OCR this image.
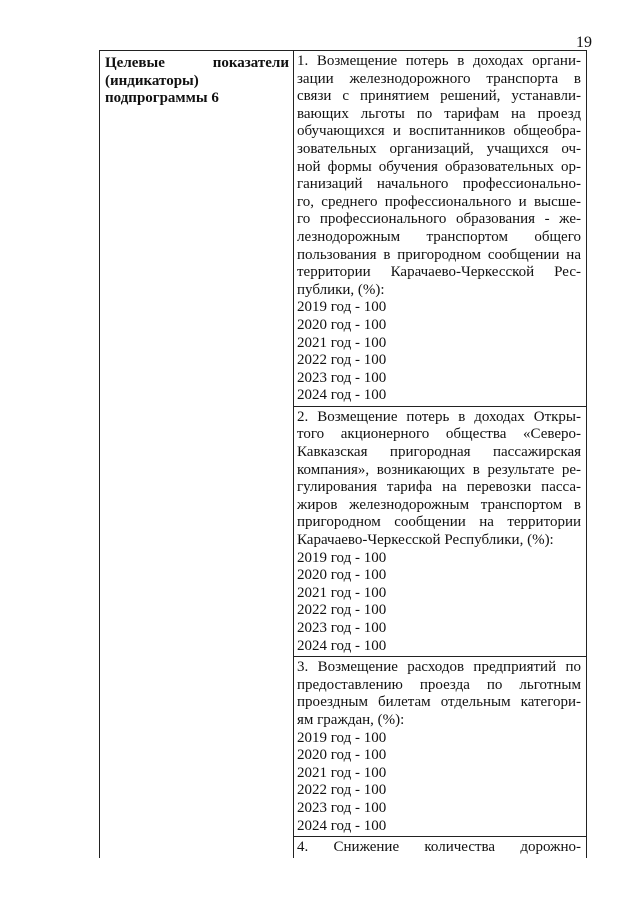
19
Целевые показатели (индикаторы) подпрограммы 6
1. Возмещение потерь в доходах органи-
зации железнодорожного транспорта в
связи с принятием решений, устанавли-
вающих льготы по тарифам на проезд
обучающихся и воспитанников общеобра-
зовательных организаций, учащихся оч-
ной формы обучения образовательных ор-
ганизаций начального профессионально-
го, среднего профессионального и высше-
го профессионального образования - же-
лезнодорожным транспортом общего
пользования в пригородном сообщении на
территории Карачаево-Черкесской Рес-
публики, (%):
2019 год - 100
2020 год - 100
2021 год - 100
2022 год - 100
2023 год - 100
2024 год - 100
2. Возмещение потерь в доходах Откры-
того акционерного общества «Северо-
Кавказская пригородная пассажирская
компания», возникающих в результате ре-
гулирования тарифа на перевозки пасса-
жиров железнодорожным транспортом в
пригородном сообщении на территории
Карачаево-Черкесской Республики, (%):
2019 год - 100
2020 год - 100
2021 год - 100
2022 год - 100
2023 год - 100
2024 год - 100
3. Возмещение расходов предприятий по
предоставлению проезда по льготным
проездным билетам отдельным категори-
ям граждан, (%):
2019 год - 100
2020 год - 100
2021 год - 100
2022 год - 100
2023 год - 100
2024 год - 100
4. Снижение количества дорожно-
